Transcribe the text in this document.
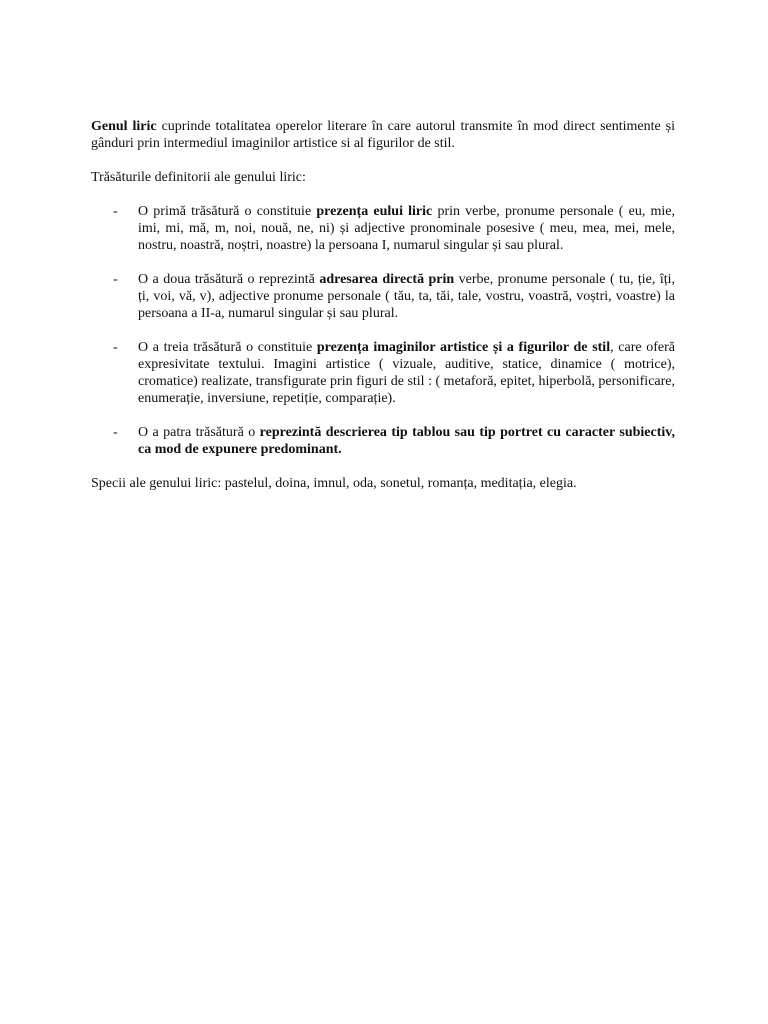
Genul liric cuprinde totalitatea operelor literare în care autorul transmite în mod direct sentimente și gânduri prin intermediul imaginilor artistice si al figurilor de stil.

Trăsăturile definitorii ale genului liric:

- O primă trăsătură o constituie prezența eului liric prin verbe, pronume personale ( eu, mie, imi, mi, mă, m, noi, nouă, ne, ni) și adjective pronominale posesive ( meu, mea, mei, mele, nostru, noastră, noștri, noastre) la persoana I, numarul singular și sau plural.
- O a doua trăsătură o reprezintă adresarea directă prin verbe, pronume personale ( tu, ție, îți, ți, voi, vă, v), adjective pronume personale ( tău, ta, tăi, tale, vostru, voastră, voștri, voastre) la persoana a II-a, numarul singular și sau plural.
- O a treia trăsătură o constituie prezența imaginilor artistice și a figurilor de stil, care oferă expresivitate textului. Imagini artistice ( vizuale, auditive, statice, dinamice ( motrice), cromatice) realizate, transfigurate prin figuri de stil : ( metaforă, epitet, hiperbolă, personificare, enumerație, inversiune, repetiție, comparație).
- O a patra trăsătură o reprezintă descrierea tip tablou sau tip portret cu caracter subiectiv, ca mod de expunere predominant.

Specii ale genului liric: pastelul, doina, imnul, oda, sonetul, romanța, meditația, elegia.
